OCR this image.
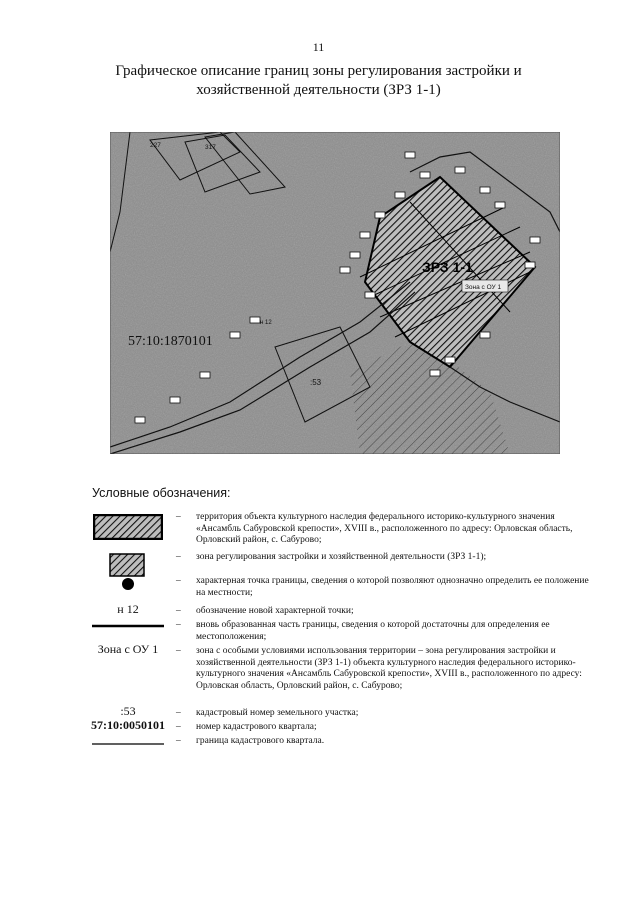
11
Графическое описание границ зоны регулирования застройки и
хозяйственной деятельности (ЗРЗ 1-1)
57:10:1870101
ЗРЗ 1-1
Зона с ОУ 1
:53
227	317
н 12
Условные обозначения:
– территория объекта культурного наследия федерального историко-культурного значения «Ансамбль Сабуровской крепости», XVIII в., расположенного по адресу: Орловская область, Орловский район, с. Сабурово;
– зона регулирования застройки и хозяйственной деятельности (ЗРЗ 1-1);
– характерная точка границы, сведения о которой позволяют однозначно определить ее положение на местности;
н 12	– обозначение новой характерной точки;
– вновь образованная часть границы, сведения о которой достаточны для определения ее местоположения;
Зона с ОУ 1	– зона с особыми условиями использования территории – зона регулирования застройки и хозяйственной деятельности (ЗРЗ 1-1) объекта культурного наследия федерального историко-культурного значения «Ансамбль Сабуровской крепости», XVIII в., расположенного по адресу: Орловская область, Орловский район, с. Сабурово;
:53	– кадастровый номер земельного участка;
57:10:0050101 – номер кадастрового квартала;
– граница кадастрового квартала.
